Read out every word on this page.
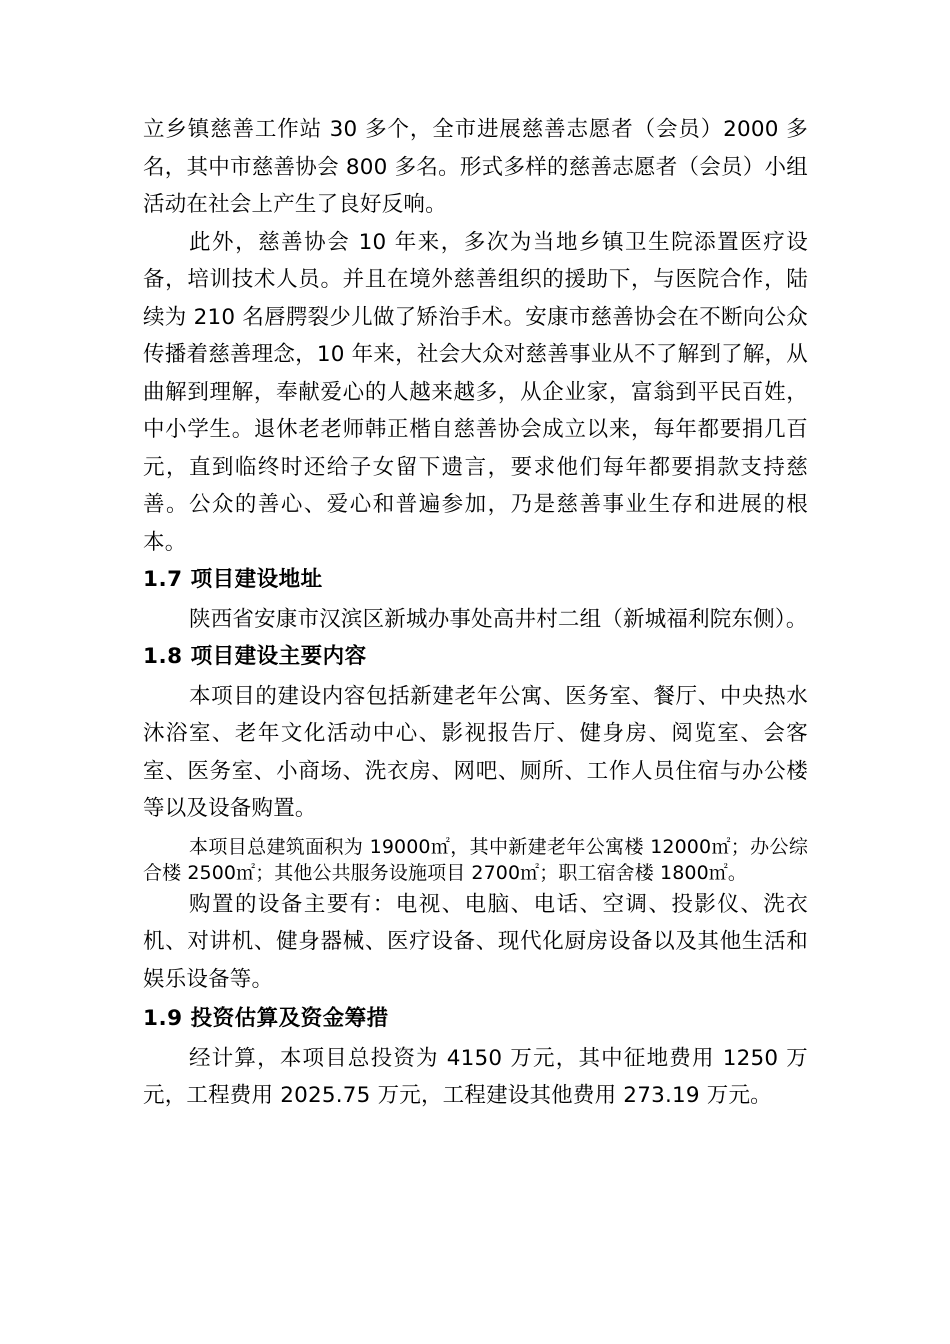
立乡镇慈善工作站 30 多个，全市进展慈善志愿者（会员）2000 多名，其中市慈善协会 800 多名。形式多样的慈善志愿者（会员）小组活动在社会上产生了良好反响。

此外，慈善协会 10 年来，多次为当地乡镇卫生院添置医疗设备，培训技术人员。并且在境外慈善组织的援助下，与医院合作，陆续为 210 名唇腭裂少儿做了矫治手术。安康市慈善协会在不断向公众传播着慈善理念，10 年来，社会大众对慈善事业从不了解到了解，从曲解到理解，奉献爱心的人越来越多，从企业家，富翁到平民百姓，中小学生。退休老老师韩正楷自慈善协会成立以来，每年都要捐几百元，直到临终时还给子女留下遗言，要求他们每年都要捐款支持慈善。公众的善心、爱心和普遍参加，乃是慈善事业生存和进展的根本。

1.7 项目建设地址

陕西省安康市汉滨区新城办事处高井村二组（新城福利院东侧）。

1.8 项目建设主要内容

本项目的建设内容包括新建老年公寓、医务室、餐厅、中央热水沐浴室、老年文化活动中心、影视报告厅、健身房、阅览室、会客室、医务室、小商场、洗衣房、网吧、厕所、工作人员住宿与办公楼等以及设备购置。

本项目总建筑面积为 19000㎡，其中新建老年公寓楼 12000㎡；办公综合楼 2500㎡；其他公共服务设施项目 2700㎡；职工宿舍楼 1800㎡。

购置的设备主要有：电视、电脑、电话、空调、投影仪、洗衣机、对讲机、健身器械、医疗设备、现代化厨房设备以及其他生活和娱乐设备等。

1.9 投资估算及资金筹措

经计算，本项目总投资为 4150 万元，其中征地费用 1250 万元，工程费用 2025.75 万元，工程建设其他费用 273.19 万元。
